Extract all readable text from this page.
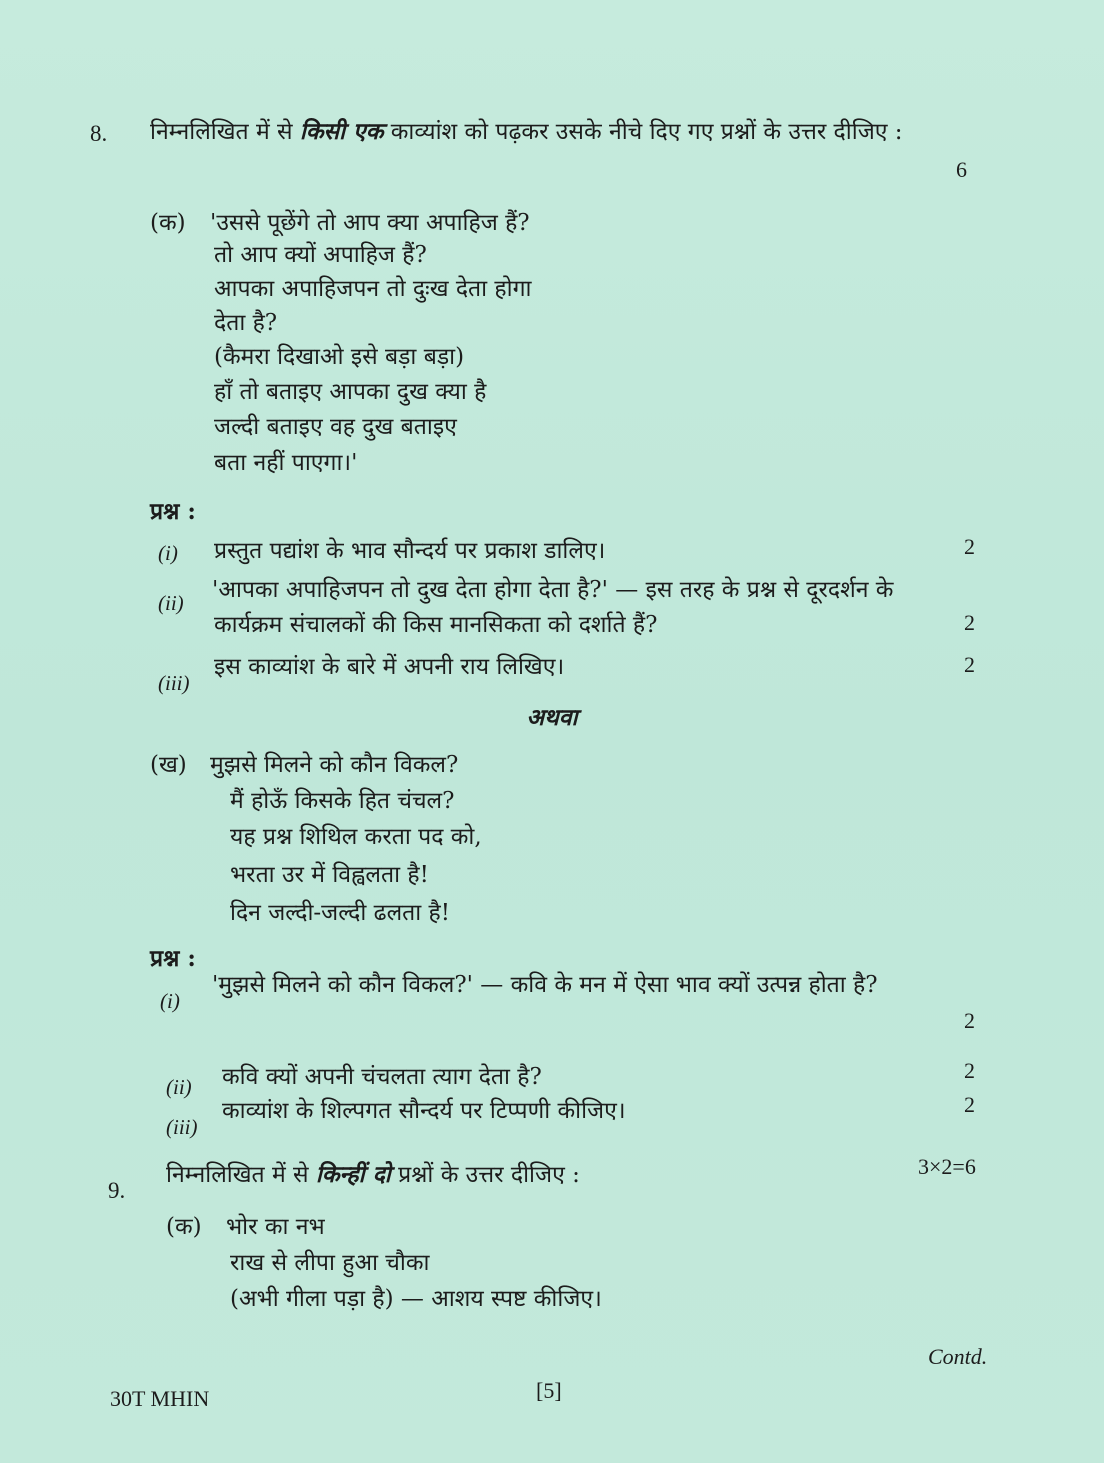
8. निम्नलिखित में से किसी एक काव्यांश को पढ़कर उसके नीचे दिए गए प्रश्नों के उत्तर दीजिए :
6
(क) 'उससे पूछेंगे तो आप क्या अपाहिज हैं?
तो आप क्यों अपाहिज हैं?
आपका अपाहिजपन तो दुःख देता होगा
देता है?
(कैमरा दिखाओ इसे बड़ा बड़ा)
हाँ तो बताइए आपका दुख क्या है
जल्दी बताइए वह दुख बताइए
बता नहीं पाएगा।'
प्रश्न :
(i) प्रस्तुत पद्यांश के भाव सौन्दर्य पर प्रकाश डालिए।	2
(ii) 'आपका अपाहिजपन तो दुख देता होगा देता है?' — इस तरह के प्रश्न से दूरदर्शन के
कार्यक्रम संचालकों की किस मानसिकता को दर्शाते हैं?	2
(iii)
इस काव्यांश के बारे में अपनी राय लिखिए।	2
अथवा
(ख) मुझसे मिलने को कौन विकल?
मैं होऊँ किसके हित चंचल?
यह प्रश्न शिथिल करता पद को,
भरता उर में विह्वलता है!
दिन जल्दी-जल्दी ढलता है!
प्रश्न :
(i)
'मुझसे मिलने को कौन विकल?' — कवि के मन में ऐसा भाव क्यों उत्पन्न होता है?
2
(ii) कवि क्यों अपनी चंचलता त्याग देता है?	2
(iii)
काव्यांश के शिल्पगत सौन्दर्य पर टिप्पणी कीजिए।	2
9.
निम्नलिखित में से किन्हीं दो प्रश्नों के उत्तर दीजिए :	3×2=6
(क) भोर का नभ
राख से लीपा हुआ चौका
(अभी गीला पड़ा है) — आशय स्पष्ट कीजिए।
30T MHIN	[5]
Contd.
